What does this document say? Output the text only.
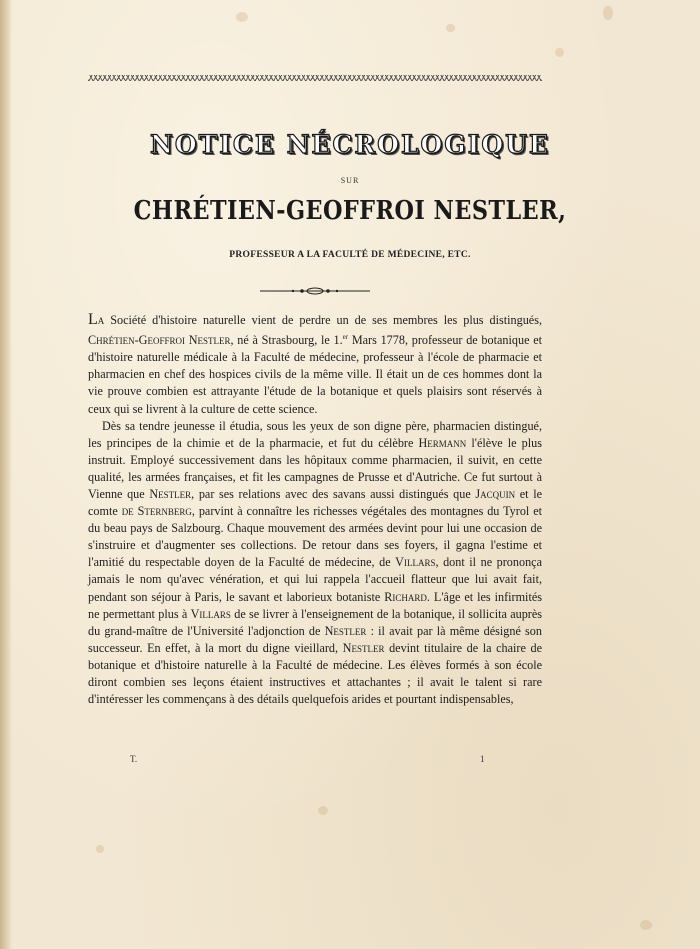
NOTICE NÉCROLOGIQUE
SUR
CHRÉTIEN-GEOFFROI NESTLER,
PROFESSEUR A LA FACULTÉ DE MÉDECINE, ETC.

La Société d'histoire naturelle vient de perdre un de ses membres les plus distingués, Chrétien-Geoffroi Nestler, né à Strasbourg, le 1.$^{er}$ Mars 1778, professeur de botanique et d'histoire naturelle médicale à la Faculté de médecine, professeur à l'école de pharmacie et pharmacien en chef des hospices civils de la même ville. Il était un de ces hommes dont la vie prouve combien est attrayante l'étude de la botanique et quels plaisirs sont réservés à ceux qui se livrent à la culture de cette science.

Dès sa tendre jeunesse il étudia, sous les yeux de son digne père, pharmacien distingué, les principes de la chimie et de la pharmacie, et fut du célèbre Hermann l'élève le plus instruit. Employé successivement dans les hôpitaux comme pharmacien, il suivit, en cette qualité, les armées françaises, et fit les campagnes de Prusse et d'Autriche. Ce fut surtout à Vienne que Nestler, par ses relations avec des savans aussi distingués que Jacquin et le comte de Sternberg, parvint à connaître les richesses végétales des montagnes du Tyrol et du beau pays de Salzbourg. Chaque mouvement des armées devint pour lui une occasion de s'instruire et d'augmenter ses collections. De retour dans ses foyers, il gagna l'estime et l'amitié du respectable doyen de la Faculté de médecine, de Villars, dont il ne prononça jamais le nom qu'avec vénération, et qui lui rappela l'accueil flatteur que lui avait fait, pendant son séjour à Paris, le savant et laborieux botaniste Richard. L'âge et les infirmités ne permettant plus à Villars de se livrer à l'enseignement de la botanique, il sollicita auprès du grand-maître de l'Université l'adjonction de Nestler : il avait par là même désigné son successeur. En effet, à la mort du digne vieillard, Nestler devint titulaire de la chaire de botanique et d'histoire naturelle à la Faculté de médecine. Les élèves formés à son école diront combien ses leçons étaient instructives et attachantes ; il avait le talent si rare d'intéresser les commençans à des détails quelquefois arides et pourtant indispensables,

T.	1
